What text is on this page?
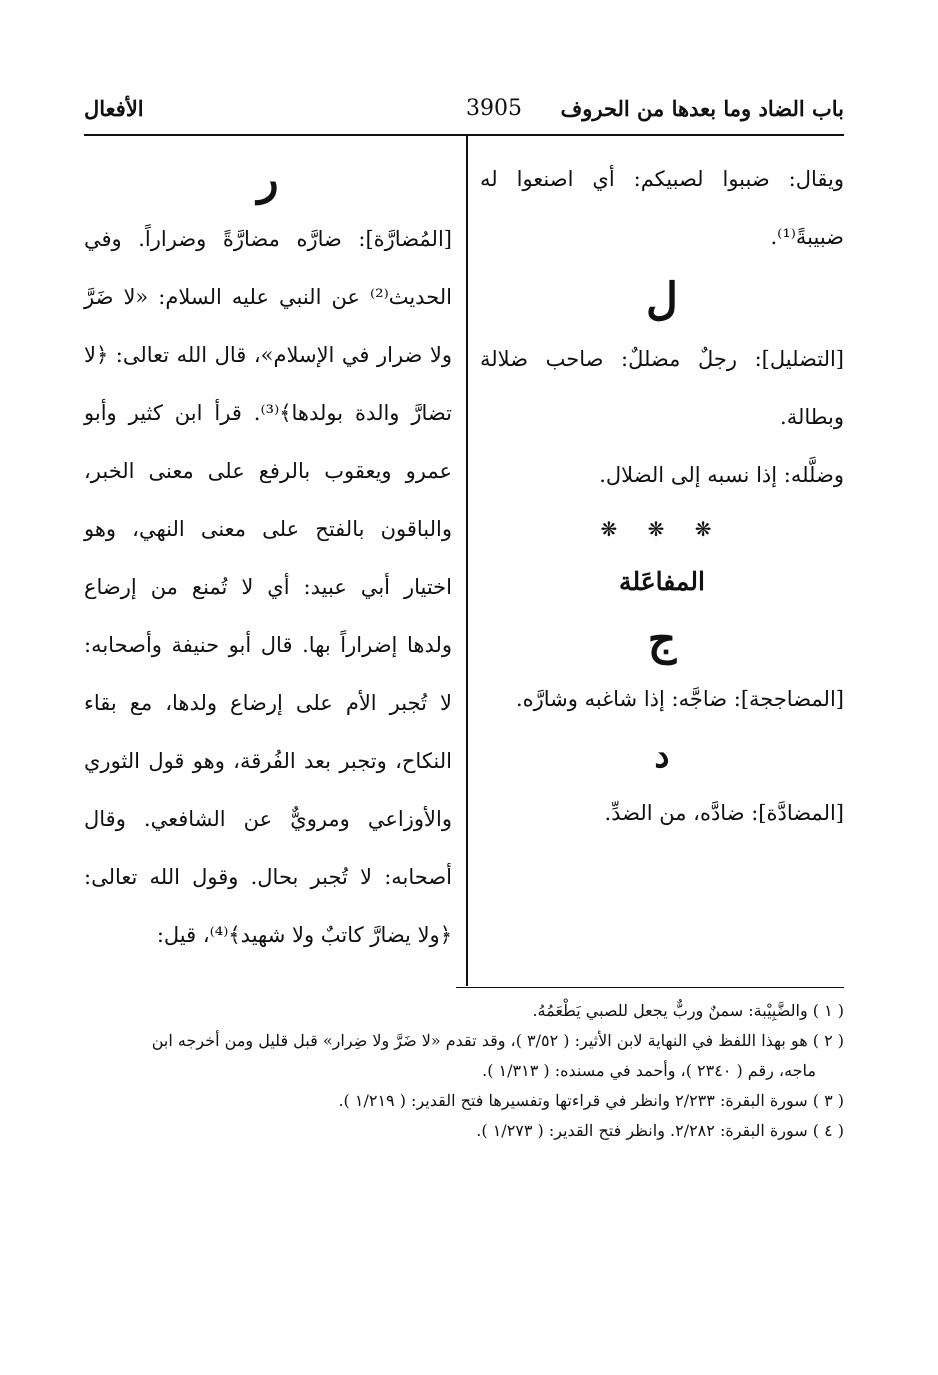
باب الضاد وما بعدها من الحروف
3905
الأفعال

ويقال: ضببوا لصبيكم: أي اصنعوا له ضبيبةً⁽¹⁾.

ل

[التضليل]: رجلٌ مضللٌ: صاحب ضلالة وبطالة.

وضلَّله: إذا نسبه إلى الضلال.

❋ ❋ ❋

المفاعَلة

ج

[المضاججة]: ضاجَّه: إذا شاغبه وشارَّه.

د

[المضادَّة]: ضادَّه، من الضدِّ.

ر

[المُضارَّة]: ضارَّه مضارَّةً وضراراً. وفي الحديث⁽²⁾ عن النبي عليه السلام: «لا ضَرَّ ولا ضرار في الإسلام»، قال الله تعالى: ﴿لا تضارَّ والدة بولدها﴾⁽³⁾. قرأ ابن كثير وأبو عمرو ويعقوب بالرفع على معنى الخبر، والباقون بالفتح على معنى النهي، وهو اختيار أبي عبيد: أي لا تُمنع من إرضاع ولدها إضراراً بها. قال أبو حنيفة وأصحابه: لا تُجبر الأم على إرضاع ولدها، مع بقاء النكاح، وتجبر بعد الفُرقة، وهو قول الثوري والأوزاعي ومرويٌّ عن الشافعي. وقال أصحابه: لا تُجبر بحال. وقول الله تعالى: ﴿ولا يضارَّ كاتبٌ ولا شهيد﴾⁽⁴⁾، قيل:

( ١ ) والضَّبِيْبة: سمنٌ وربٌّ يجعل للصبي يَطْعَمُهُ.

( ٢ ) هو بهذا اللفظ في النهاية لابن الأثير: ( ٣/٥٢ )، وقد تقدم «لا ضَرَّ ولا ضِرار» قبل قليل ومن أخرجه ابن

ماجه، رقم ( ٢٣٤٠ )، وأحمد في مسنده: ( ١/٣١٣ ).

( ٣ ) سورة البقرة: ٢/٢٣٣ وانظر في قراءتها وتفسيرها فتح القدير: ( ١/٢١٩ ).

( ٤ ) سورة البقرة: ٢/٢٨٢. وانظر فتح القدير: ( ١/٢٧٣ ).
